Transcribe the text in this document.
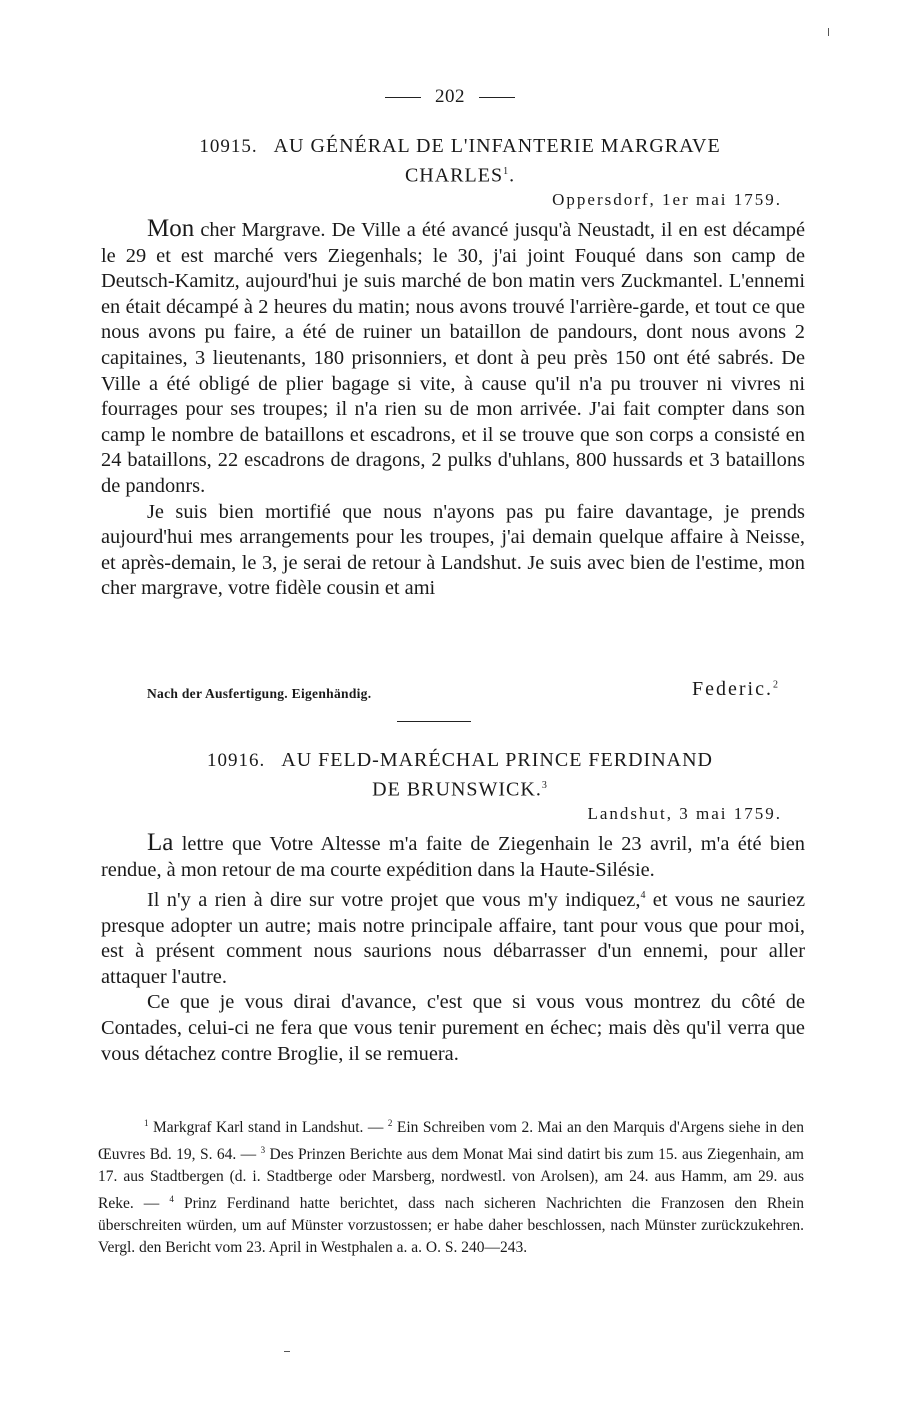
202
10915. AU GÉNÉRAL DE L'INFANTERIE MARGRAVE
CHARLES$^1$.
Oppersdorf, 1er mai 1759.

Mon cher Margrave. De Ville a été avancé jusqu'à Neustadt, il en est décampé le 29 et est marché vers Ziegenhals; le 30, j'ai joint Fouqué dans son camp de Deutsch-Kamitz, aujourd'hui je suis marché de bon matin vers Zuckmantel. L'ennemi en était décampé à 2 heures du matin; nous avons trouvé l'arrière-garde, et tout ce que nous avons pu faire, a été de ruiner un bataillon de pandours, dont nous avons 2 capitaines, 3 lieutenants, 180 prisonniers, et dont à peu près 150 ont été sabrés. De Ville a été obligé de plier bagage si vite, à cause qu'il n'a pu trouver ni vivres ni fourrages pour ses troupes; il n'a rien su de mon arrivée. J'ai fait compter dans son camp le nombre de bataillons et escadrons, et il se trouve que son corps a consisté en 24 bataillons, 22 escadrons de dragons, 2 pulks d'uhlans, 800 hussards et 3 bataillons de pandonrs.

Je suis bien mortifié que nous n'ayons pas pu faire davantage, je prends aujourd'hui mes arrangements pour les troupes, j'ai demain quelque affaire à Neisse, et après-demain, le 3, je serai de retour à Landshut. Je suis avec bien de l'estime, mon cher margrave, votre fidèle cousin et ami

Nach der Ausfertigung. Eigenhändig.	Federic.$^2$
10916. AU FELD-MARÉCHAL PRINCE FERDINAND
DE BRUNSWICK.$^3$
Landshut, 3 mai 1759.

La lettre que Votre Altesse m'a faite de Ziegenhain le 23 avril, m'a été bien rendue, à mon retour de ma courte expédition dans la Haute-Silésie.

Il n'y a rien à dire sur votre projet que vous m'y indiquez,$^4$ et vous ne sauriez presque adopter un autre; mais notre principale affaire, tant pour vous que pour moi, est à présent comment nous saurions nous débarrasser d'un ennemi, pour aller attaquer l'autre.

Ce que je vous dirai d'avance, c'est que si vous vous montrez du côté de Contades, celui-ci ne fera que vous tenir purement en échec; mais dès qu'il verra que vous détachez contre Broglie, il se remuera.

$^1$ Markgraf Karl stand in Landshut. — $^2$ Ein Schreiben vom 2. Mai an den Marquis d'Argens siehe in den Œuvres Bd. 19, S. 64. — $^3$ Des Prinzen Berichte aus dem Monat Mai sind datirt bis zum 15. aus Ziegenhain, am 17. aus Stadtbergen (d. i. Stadtberge oder Marsberg, nordwestl. von Arolsen), am 24. aus Hamm, am 29. aus Reke. — $^4$ Prinz Ferdinand hatte berichtet, dass nach sicheren Nachrichten die Franzosen den Rhein überschreiten würden, um auf Münster vorzustossen; er habe daher beschlossen, nach Münster zurückzukehren. Vergl. den Bericht vom 23. April in Westphalen a. a. O. S. 240—243.
